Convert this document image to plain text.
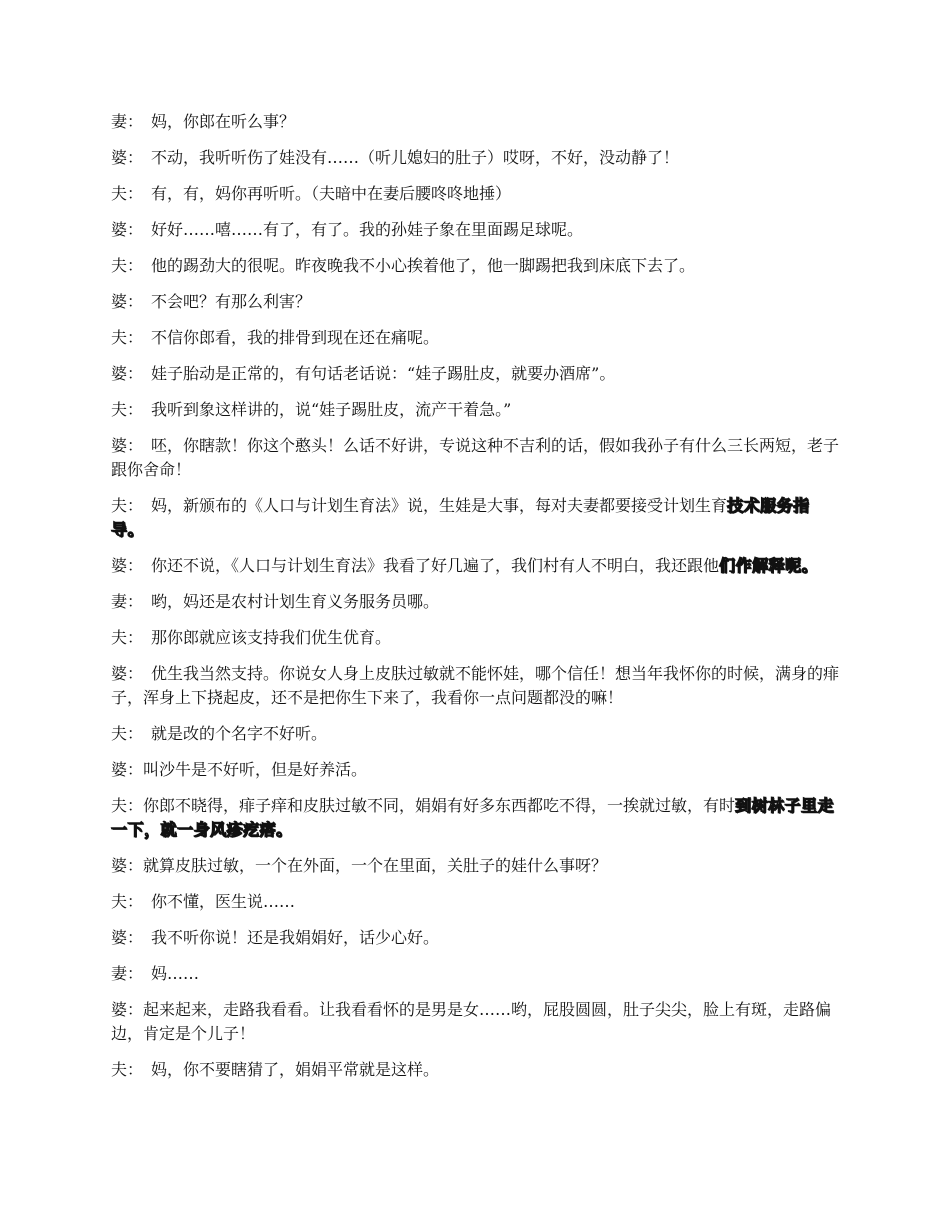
妻：　妈，你郎在听么事？

婆：　不动，我听听伤了娃没有……（听儿媳妇的肚子）哎呀，不好，没动静了！

夫：　有，有，妈你再听听。（夫暗中在妻后腰咚咚地捶）

婆：　好好……嘻……有了，有了。我的孙娃子象在里面踢足球呢。

夫：　他的踢劲大的很呢。昨夜晚我不小心挨着他了，他一脚踢把我到床底下去了。

婆：　不会吧？有那么利害？

夫：　不信你郎看，我的排骨到现在还在痛呢。

婆：　娃子胎动是正常的，有句话老话说：“娃子踢肚皮，就要办酒席”。

夫：　我听到象这样讲的，说“娃子踢肚皮，流产干着急。”

婆：　呸，你瞎款！你这个憨头！么话不好讲，专说这种不吉利的话，假如我孙子有什么三长两短，老子跟你舍命！

夫：　妈，新颁布的《人口与计划生育法》说，生娃是大事，每对夫妻都要接受计划生育技术服务指导。

婆：　你还不说，《人口与计划生育法》我看了好几遍了，我们村有人不明白，我还跟他们作解释呢。

妻：　哟，妈还是农村计划生育义务服务员哪。

夫：　那你郎就应该支持我们优生优育。

婆：　优生我当然支持。你说女人身上皮肤过敏就不能怀娃，哪个信任！想当年我怀你的时候，满身的痱子，浑身上下挠起皮，还不是把你生下来了，我看你一点问题都没的嘛！

夫：　就是改的个名字不好听。

婆：叫沙牛是不好听，但是好养活。

夫：你郎不晓得，痱子痒和皮肤过敏不同，娟娟有好多东西都吃不得，一挨就过敏，有时到树林子里走一下，就一身风疹疙瘩。

婆：就算皮肤过敏，一个在外面，一个在里面，关肚子的娃什么事呀？

夫：　你不懂，医生说……

婆：　我不听你说！还是我娟娟好，话少心好。

妻：　妈……

婆：起来起来，走路我看看。让我看看怀的是男是女……哟，屁股圆圆，肚子尖尖，脸上有斑，走路偏边，肯定是个儿子！

夫：　妈，你不要瞎猜了，娟娟平常就是这样。
